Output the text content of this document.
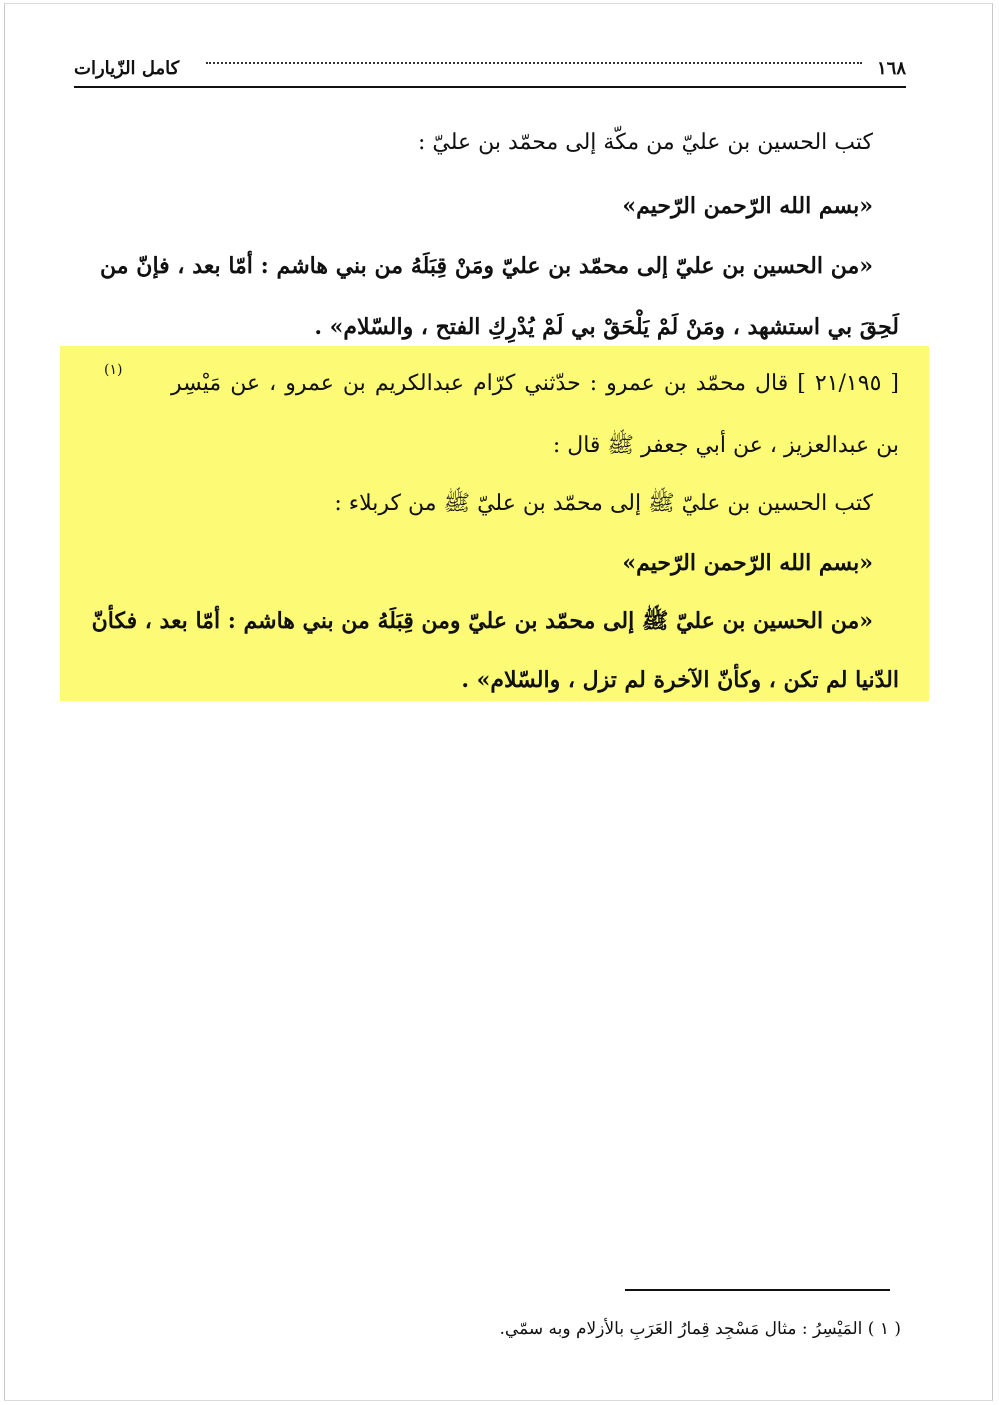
١٦٨
كامل الزّيارات
كتب الحسين بن عليّ من مكّة إلى محمّد بن عليّ :
«بسم الله الرّحمن الرّحيم»
«من الحسين بن عليّ إلى محمّد بن عليّ ومَنْ قِبَلَهُ من بني هاشم : أمّا بعد ، فإنّ من
لَحِقَ بي استشهد ، ومَنْ لَمْ يَلْحَقْ بي لَمْ يُدْرِكِ الفتح ، والسّلام» .
[ ٢١/١٩٥ ] قال محمّد بن عمرو : حدّثني كرّام عبدالكريم بن عمرو ، عن مَيْسِر
(١)
بن عبدالعزيز ، عن أبي جعفر ﷺ قال :
كتب الحسين بن عليّ ﷺ إلى محمّد بن عليّ ﷺ من كربلاء :
«بسم الله الرّحمن الرّحيم»
«من الحسين بن عليّ ﷺ إلى محمّد بن عليّ ومن قِبَلَهُ من بني هاشم : أمّا بعد ، فكأنّ
الدّنيا لم تكن ، وكأنّ الآخرة لم تزل ، والسّلام» .
( ١ ) المَيْسِرُ : مثال مَسْجِد قِمارُ العَرَبِ بالأزلام وبه سمّي.
